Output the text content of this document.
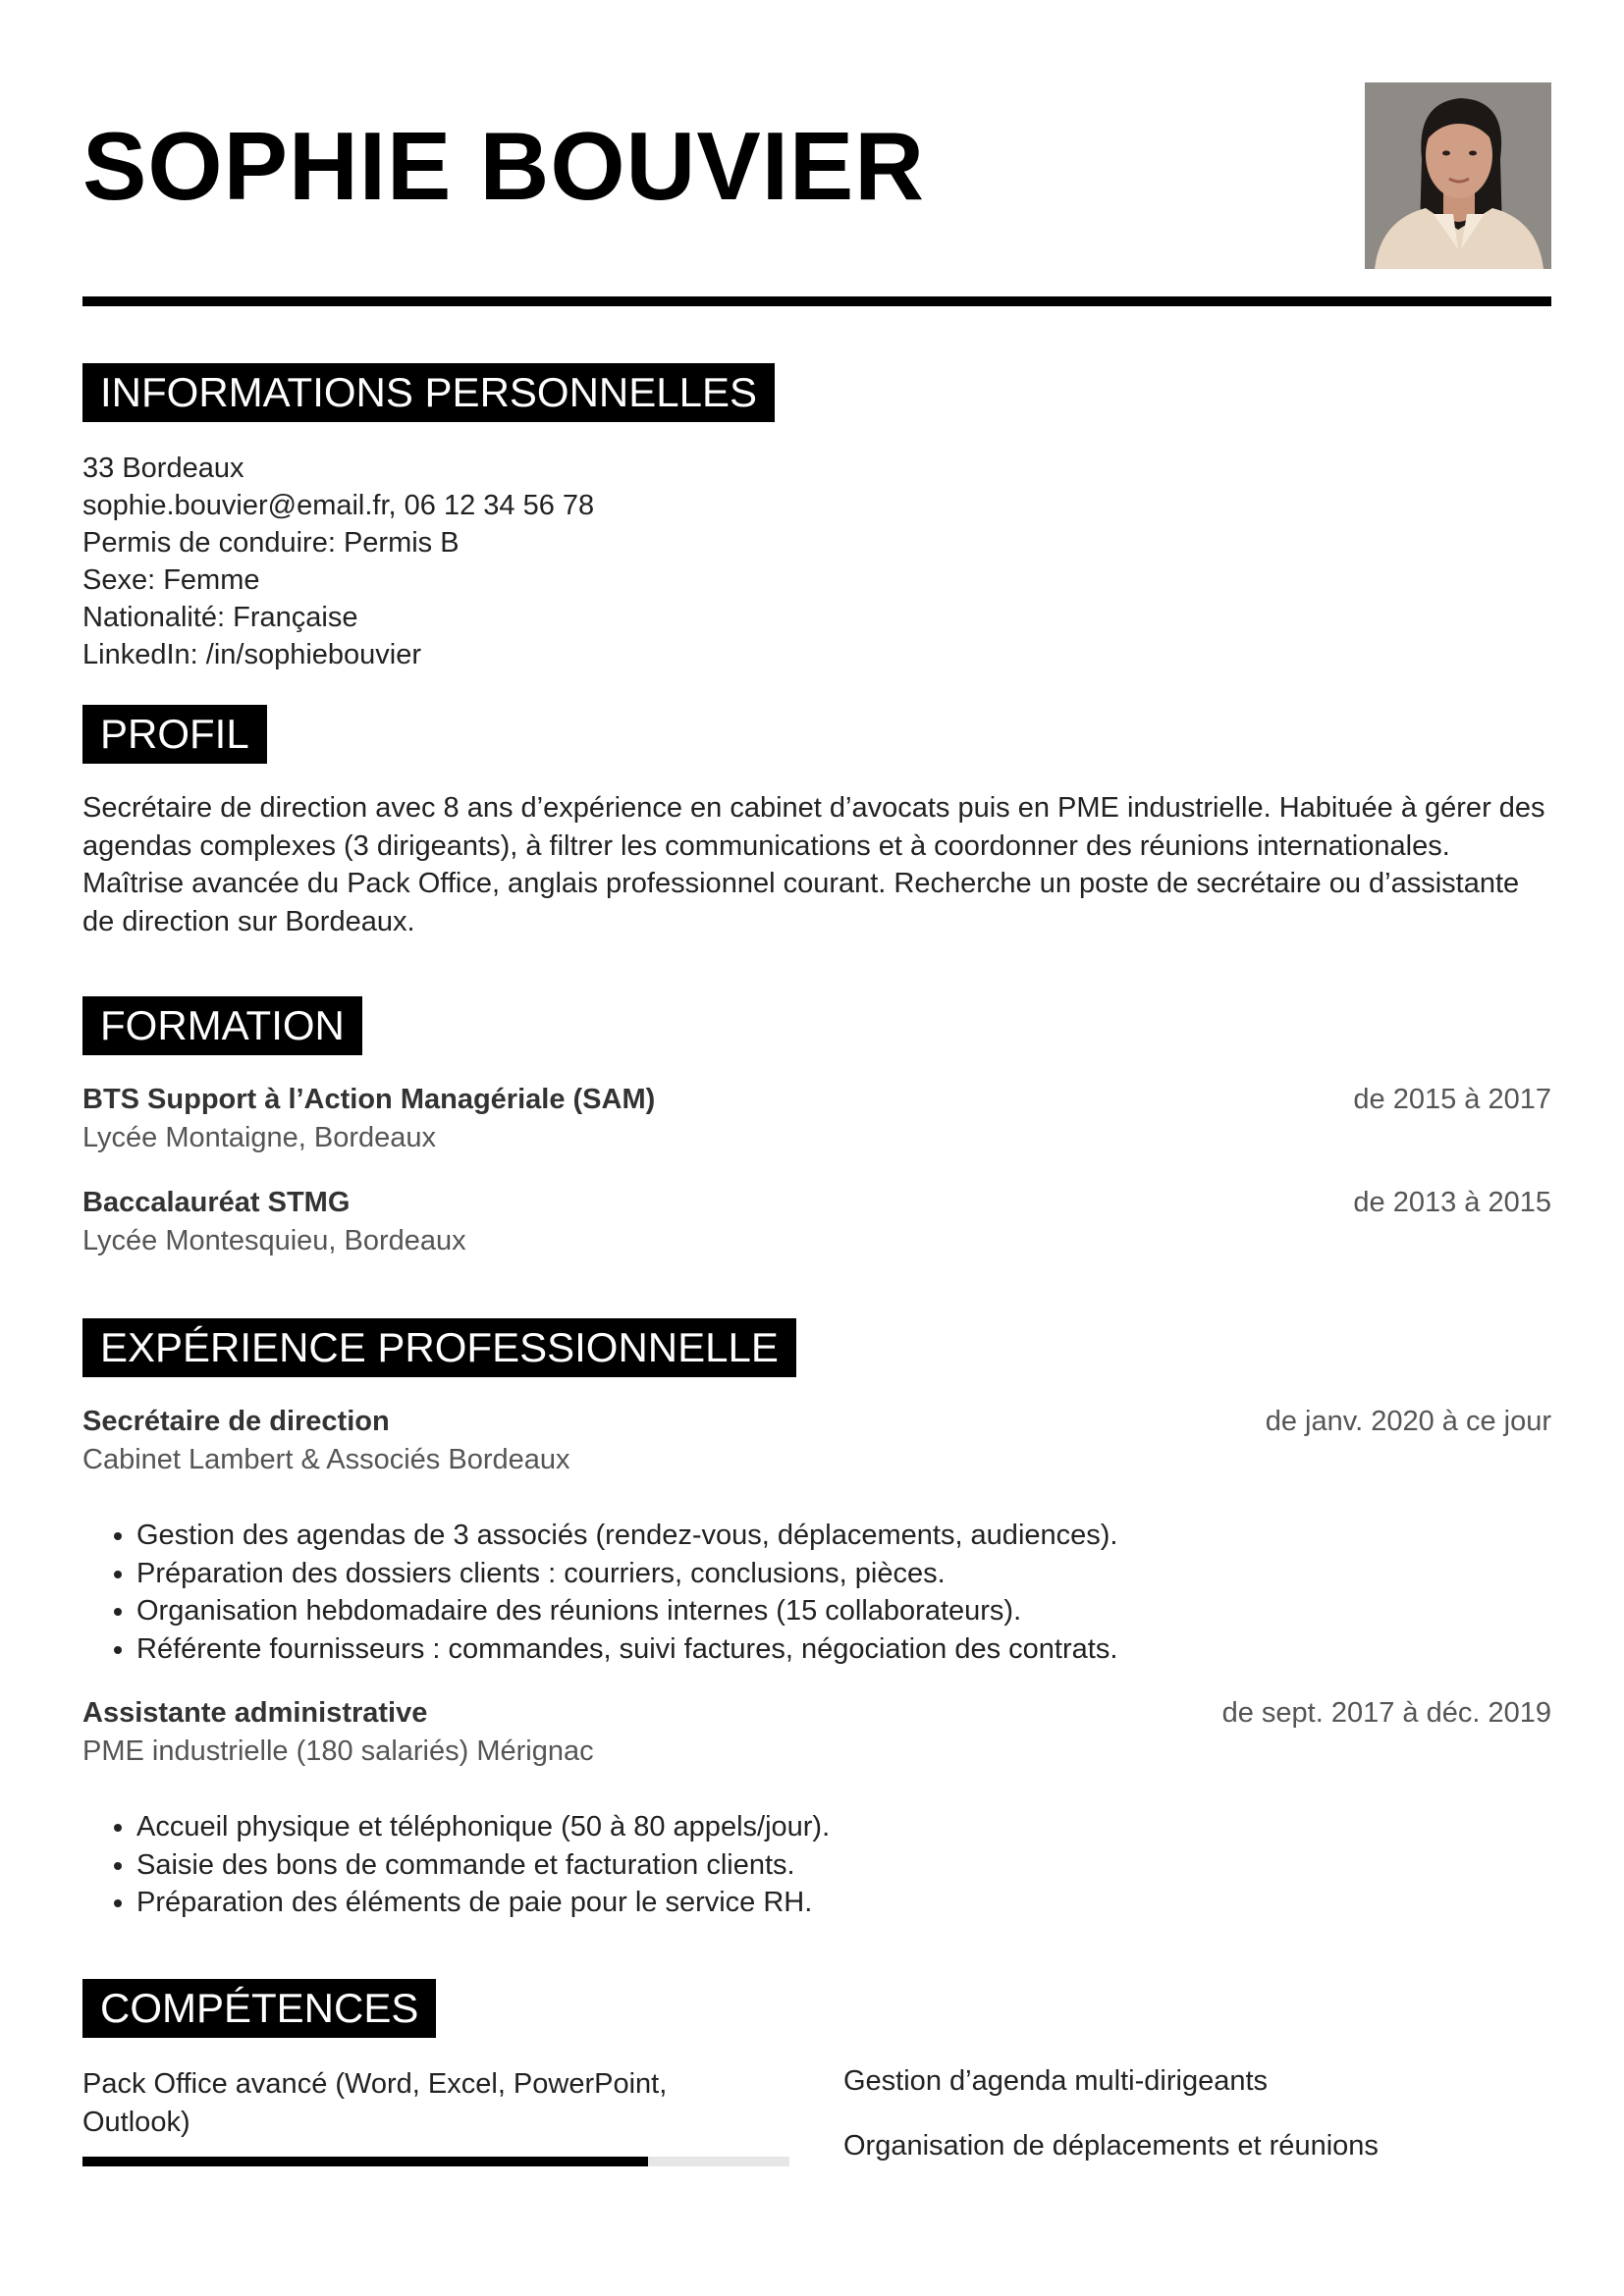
SOPHIE BOUVIER
INFORMATIONS PERSONNELLES
33 Bordeaux
sophie.bouvier@email.fr, 06 12 34 56 78
Permis de conduire: Permis B
Sexe: Femme
Nationalité: Française
LinkedIn: /in/sophiebouvier
PROFIL
Secrétaire de direction avec 8 ans d’expérience en cabinet d’avocats puis en PME industrielle. Habituée à gérer des agendas complexes (3 dirigeants), à filtrer les communications et à coordonner des réunions internationales. Maîtrise avancée du Pack Office, anglais professionnel courant. Recherche un poste de secrétaire ou d’assistante de direction sur Bordeaux.
FORMATION
BTS Support à l’Action Managériale (SAM)	de 2015 à 2017
Lycée Montaigne, Bordeaux
Baccalauréat STMG	de 2013 à 2015
Lycée Montesquieu, Bordeaux
EXPÉRIENCE PROFESSIONNELLE
Secrétaire de direction	de janv. 2020 à ce jour
Cabinet Lambert & Associés Bordeaux
• Gestion des agendas de 3 associés (rendez-vous, déplacements, audiences).
• Préparation des dossiers clients : courriers, conclusions, pièces.
• Organisation hebdomadaire des réunions internes (15 collaborateurs).
• Référente fournisseurs : commandes, suivi factures, négociation des contrats.
Assistante administrative	de sept. 2017 à déc. 2019
PME industrielle (180 salariés) Mérignac
• Accueil physique et téléphonique (50 à 80 appels/jour).
• Saisie des bons de commande et facturation clients.
• Préparation des éléments de paie pour le service RH.
COMPÉTENCES
Pack Office avancé (Word, Excel, PowerPoint, Outlook)
Gestion d’agenda multi-dirigeants
Organisation de déplacements et réunions
